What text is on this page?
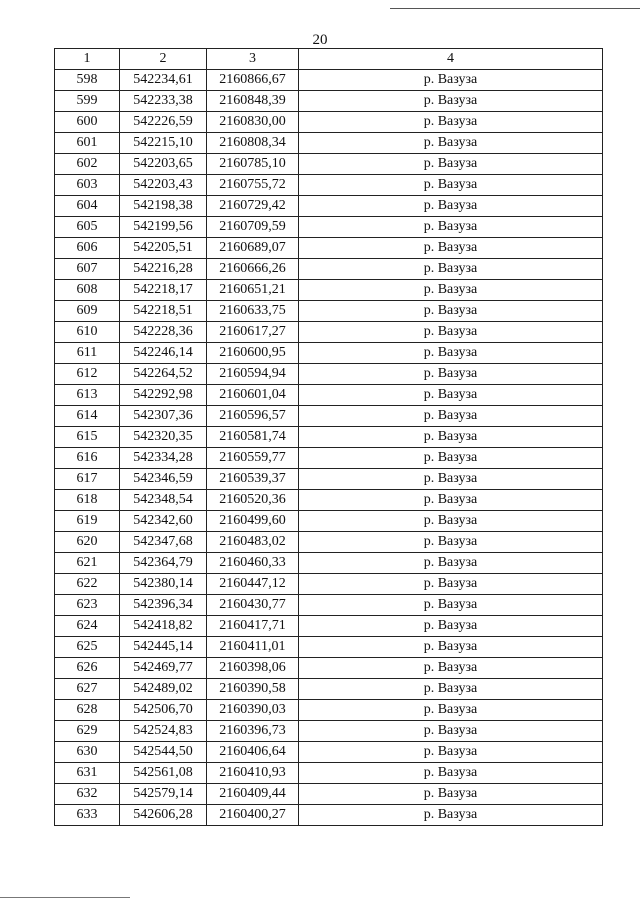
20
1	2	3	4
598	542234,61	2160866,67	р. Вазуза
599	542233,38	2160848,39	р. Вазуза
600	542226,59	2160830,00	р. Вазуза
601	542215,10	2160808,34	р. Вазуза
602	542203,65	2160785,10	р. Вазуза
603	542203,43	2160755,72	р. Вазуза
604	542198,38	2160729,42	р. Вазуза
605	542199,56	2160709,59	р. Вазуза
606	542205,51	2160689,07	р. Вазуза
607	542216,28	2160666,26	р. Вазуза
608	542218,17	2160651,21	р. Вазуза
609	542218,51	2160633,75	р. Вазуза
610	542228,36	2160617,27	р. Вазуза
611	542246,14	2160600,95	р. Вазуза
612	542264,52	2160594,94	р. Вазуза
613	542292,98	2160601,04	р. Вазуза
614	542307,36	2160596,57	р. Вазуза
615	542320,35	2160581,74	р. Вазуза
616	542334,28	2160559,77	р. Вазуза
617	542346,59	2160539,37	р. Вазуза
618	542348,54	2160520,36	р. Вазуза
619	542342,60	2160499,60	р. Вазуза
620	542347,68	2160483,02	р. Вазуза
621	542364,79	2160460,33	р. Вазуза
622	542380,14	2160447,12	р. Вазуза
623	542396,34	2160430,77	р. Вазуза
624	542418,82	2160417,71	р. Вазуза
625	542445,14	2160411,01	р. Вазуза
626	542469,77	2160398,06	р. Вазуза
627	542489,02	2160390,58	р. Вазуза
628	542506,70	2160390,03	р. Вазуза
629	542524,83	2160396,73	р. Вазуза
630	542544,50	2160406,64	р. Вазуза
631	542561,08	2160410,93	р. Вазуза
632	542579,14	2160409,44	р. Вазуза
633	542606,28	2160400,27	р. Вазуза
